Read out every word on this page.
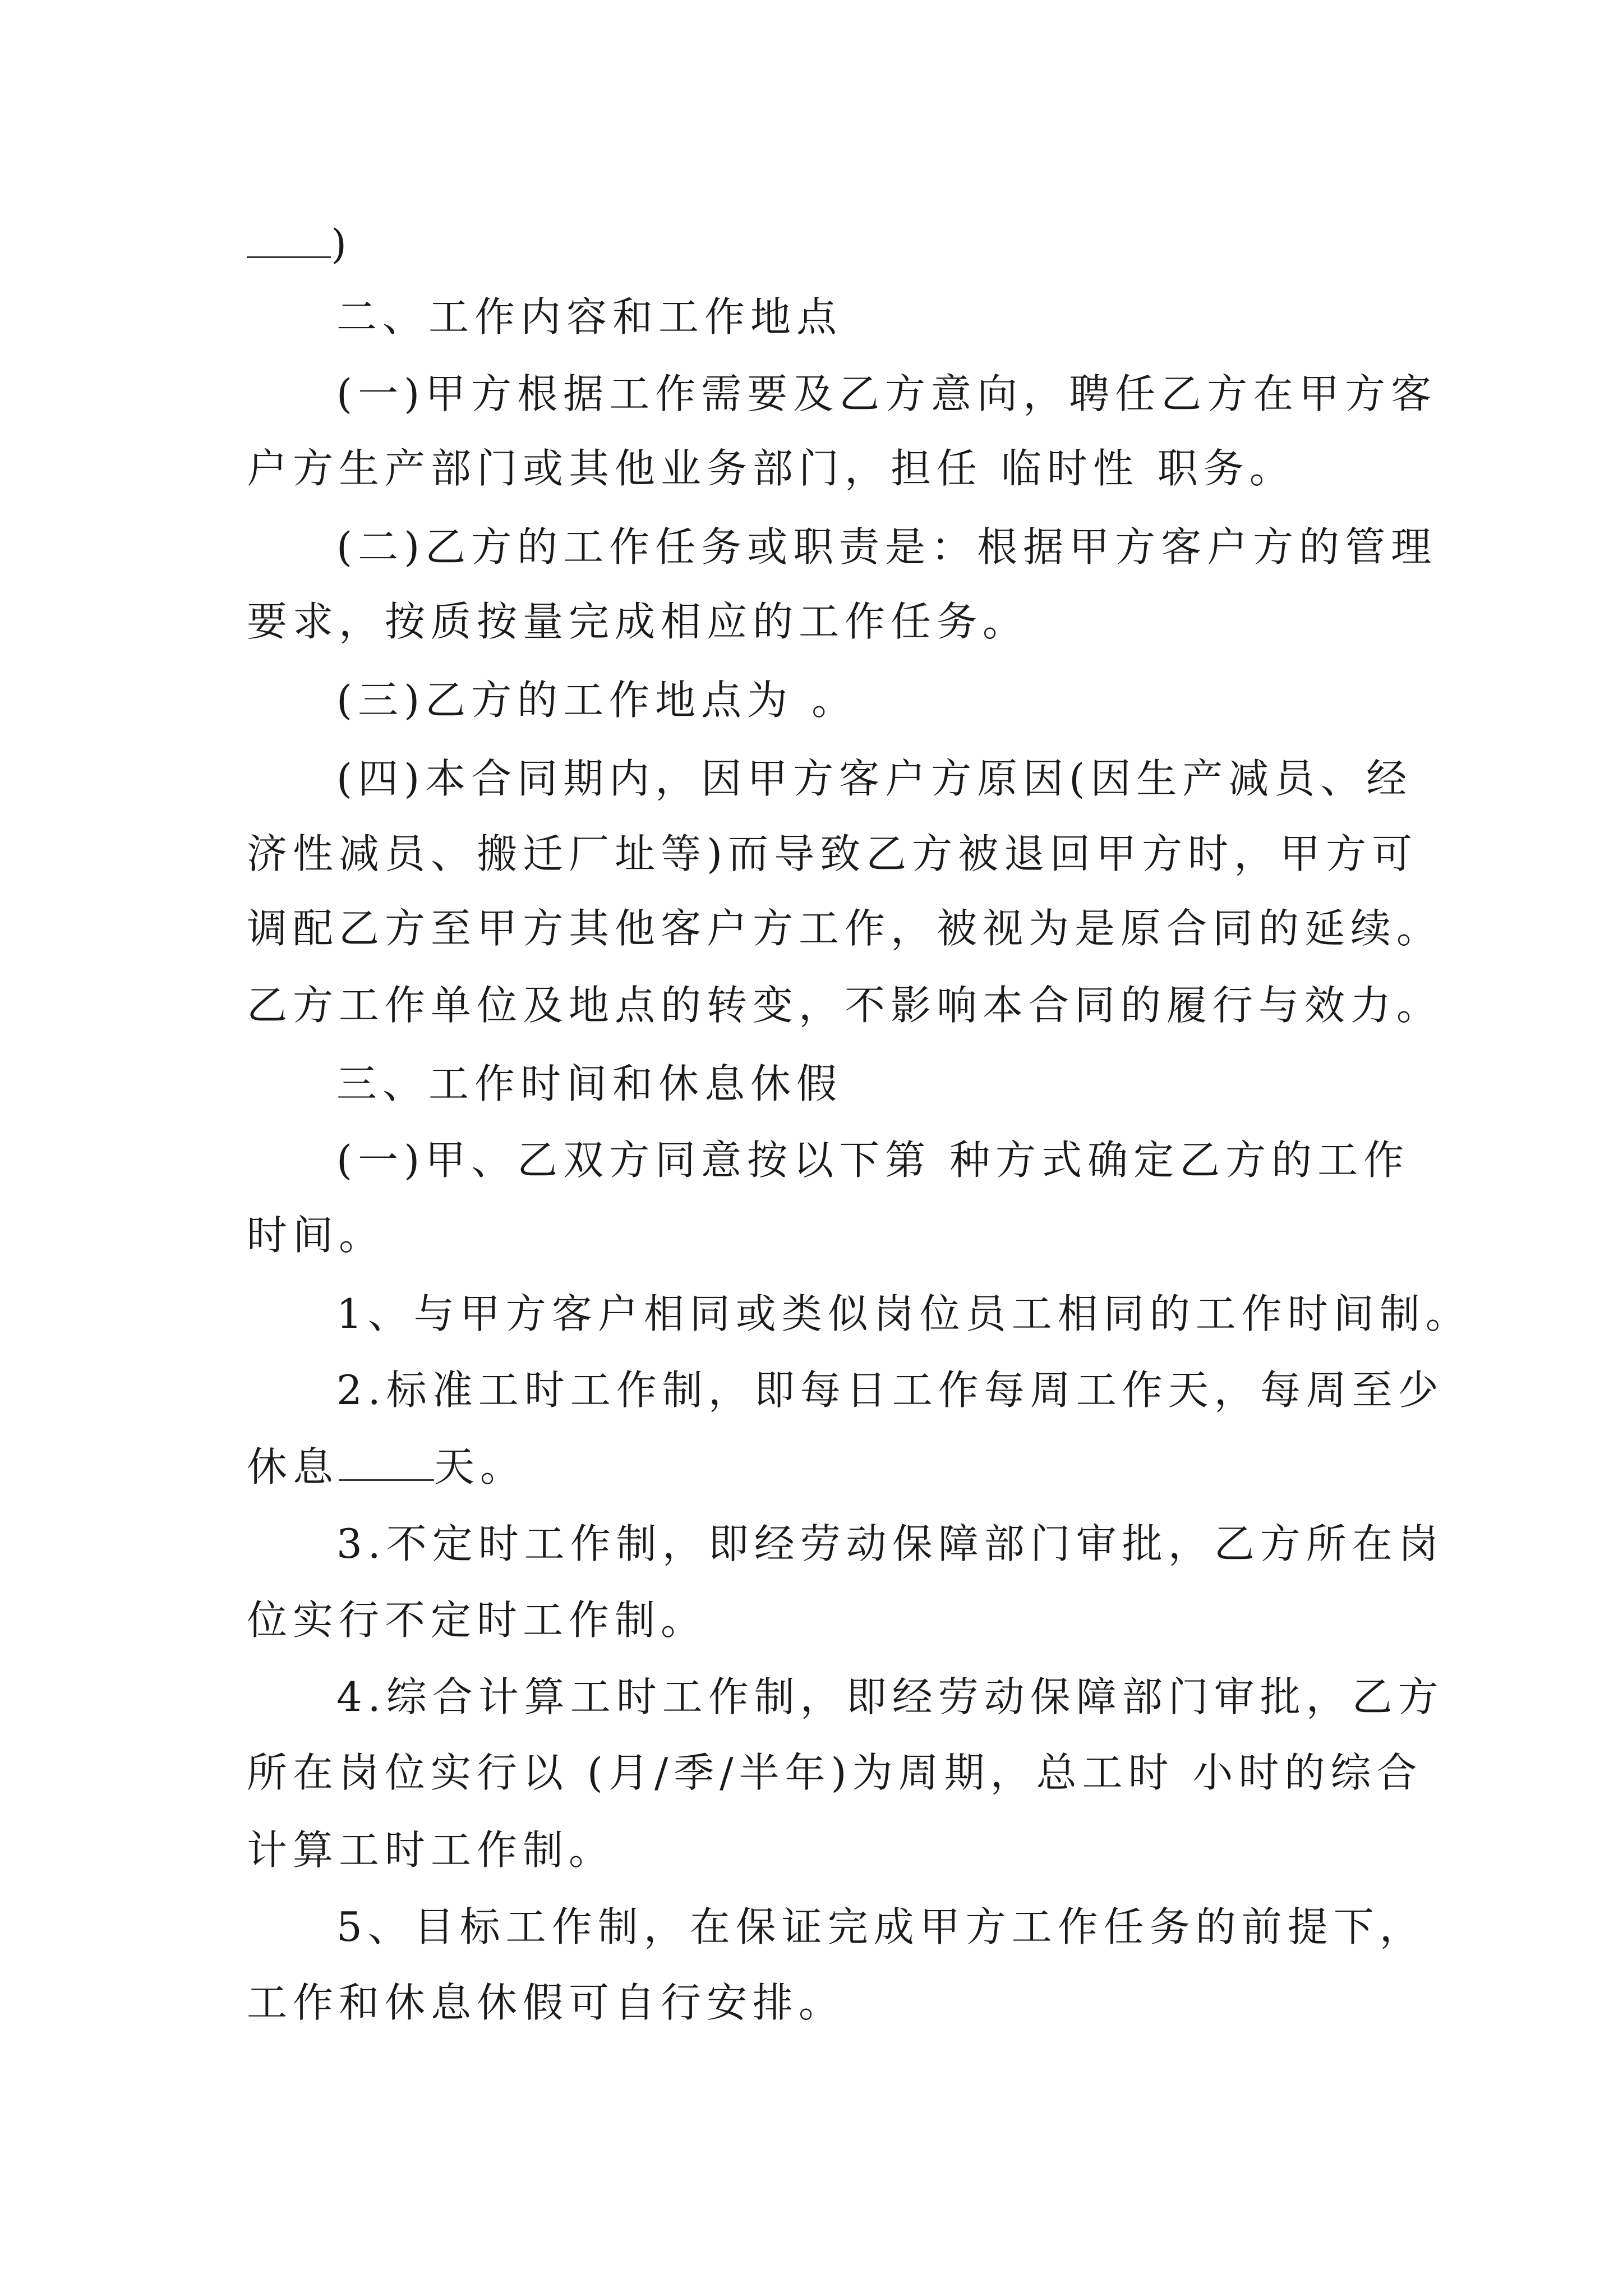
)
二、工作内容和工作地点
(一)甲方根据工作需要及乙方意向，聘任乙方在甲方客
户方生产部门或其他业务部门，担任 临时性 职务。
(二)乙方的工作任务或职责是：根据甲方客户方的管理
要求，按质按量完成相应的工作任务。
(三)乙方的工作地点为 。
(四)本合同期内，因甲方客户方原因(因生产减员、经
济性减员、搬迁厂址等)而导致乙方被退回甲方时，甲方可
调配乙方至甲方其他客户方工作，被视为是原合同的延续。
乙方工作单位及地点的转变，不影响本合同的履行与效力。
三、工作时间和休息休假
(一)甲、乙双方同意按以下第 种方式确定乙方的工作
时间。
1、与甲方客户相同或类似岗位员工相同的工作时间制。
2.标准工时工作制，即每日工作每周工作天，每周至少
休息 天。
3.不定时工作制，即经劳动保障部门审批，乙方所在岗
位实行不定时工作制。
4.综合计算工时工作制，即经劳动保障部门审批，乙方
所在岗位实行以 (月/季/半年)为周期，总工时 小时的综合
计算工时工作制。
5、目标工作制，在保证完成甲方工作任务的前提下，
工作和休息休假可自行安排。
